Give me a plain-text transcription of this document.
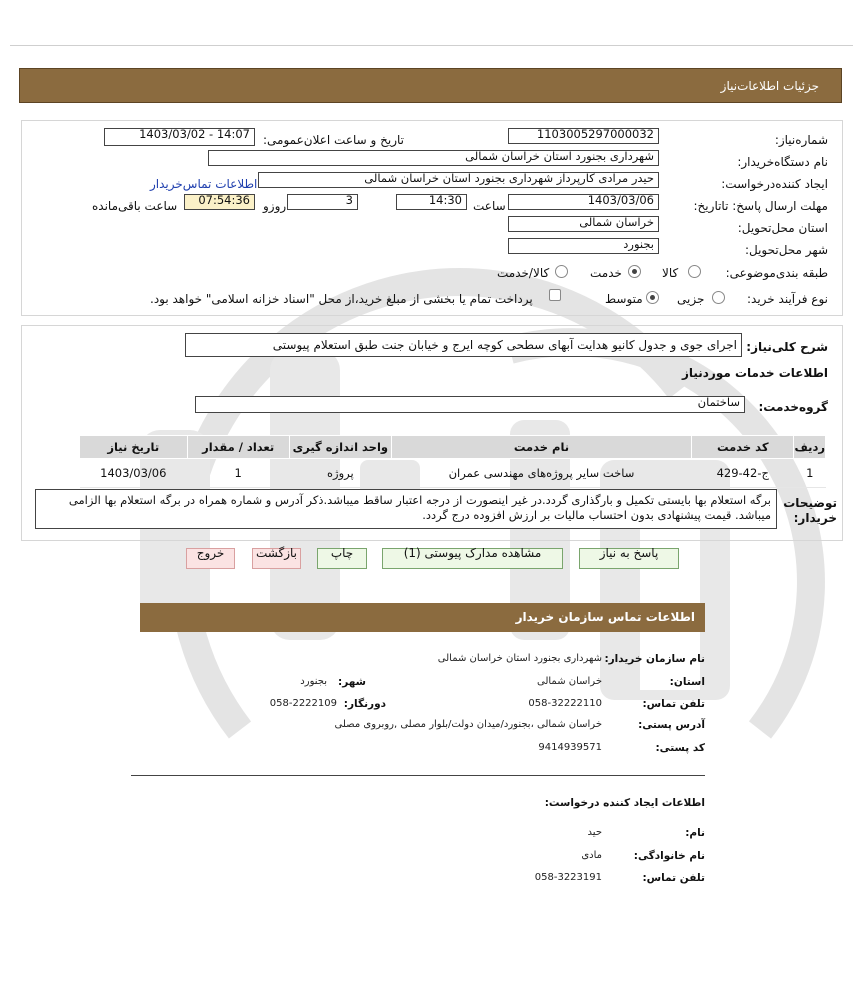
جزئیات اطلاعات‌نیاز
شماره‌نیاز:
1103005297000032
تاریخ و ساعت اعلان‌عمومی:
1403/03/02 - 14:07
نام دستگاه‌خریدار:
شهرداری بجنورد استان خراسان شمالی
ایجاد کننده‌درخواست:
حیدر مرادی کارپرداز شهرداری بجنورد استان خراسان شمالی
اطلاعات تماس‌خریدار
مهلت ارسال پاسخ: تاتاریخ:
1403/03/06
ساعت
14:30
3
روزو
07:54:36
ساعت باقی‌مانده
استان محل‌تحویل:
خراسان شمالی
شهر محل‌تحویل:
بجنورد
طبقه بندی‌موضوعی:
کالا
خدمت
کالا/خدمت
نوع فرآیند خرید:
جزیی
متوسط
پرداخت تمام یا بخشی از مبلغ خرید،از محل "اسناد خزانه اسلامی" خواهد بود.
شرح کلی‌نیاز:
اجرای جوی و جدول کانیو هدایت آبهای سطحی کوچه ایرج و خیابان جنت طبق استعلام پیوستی
اطلاعات خدمات موردنیاز
گروه‌خدمت:
ساختمان
ردیف	کد خدمت	نام خدمت	واحد اندازه گیری	تعداد / مقدار	تاریخ نیاز
1	ج-42-429	ساخت سایر پروژه‌های مهندسی عمران	پروژه	1	1403/03/06
توضیحات خریدار:
برگه استعلام بها بایستی تکمیل و بارگذاری گردد.در غیر اینصورت از درجه اعتبار ساقط میباشد.ذکر آدرس و شماره همراه در برگه استعلام بها الزامی میباشد. قیمت پیشنهادی بدون احتساب مالیات بر ارزش افزوده درج گردد.
پاسخ به نیاز
مشاهده مدارک پیوستی (1)
چاپ
بازگشت
خروج
اطلاعات تماس سازمان خریدار
نام سازمان خریدار:
شهرداری بجنورد استان خراسان شمالی
استان:
خراسان شمالی
شهر:
بجنورد
تلفن تماس:
058-32222110
دورنگار:
058-2222109
آدرس پستی:
خراسان شمالی ،بجنورد/میدان دولت/بلوار مصلی ,روبروی مصلی
کد پستی:
9414939571
اطلاعات ایجاد کننده درخواست:
نام:
حید
نام خانوادگی:
مادی
تلفن تماس:
058-3223191
